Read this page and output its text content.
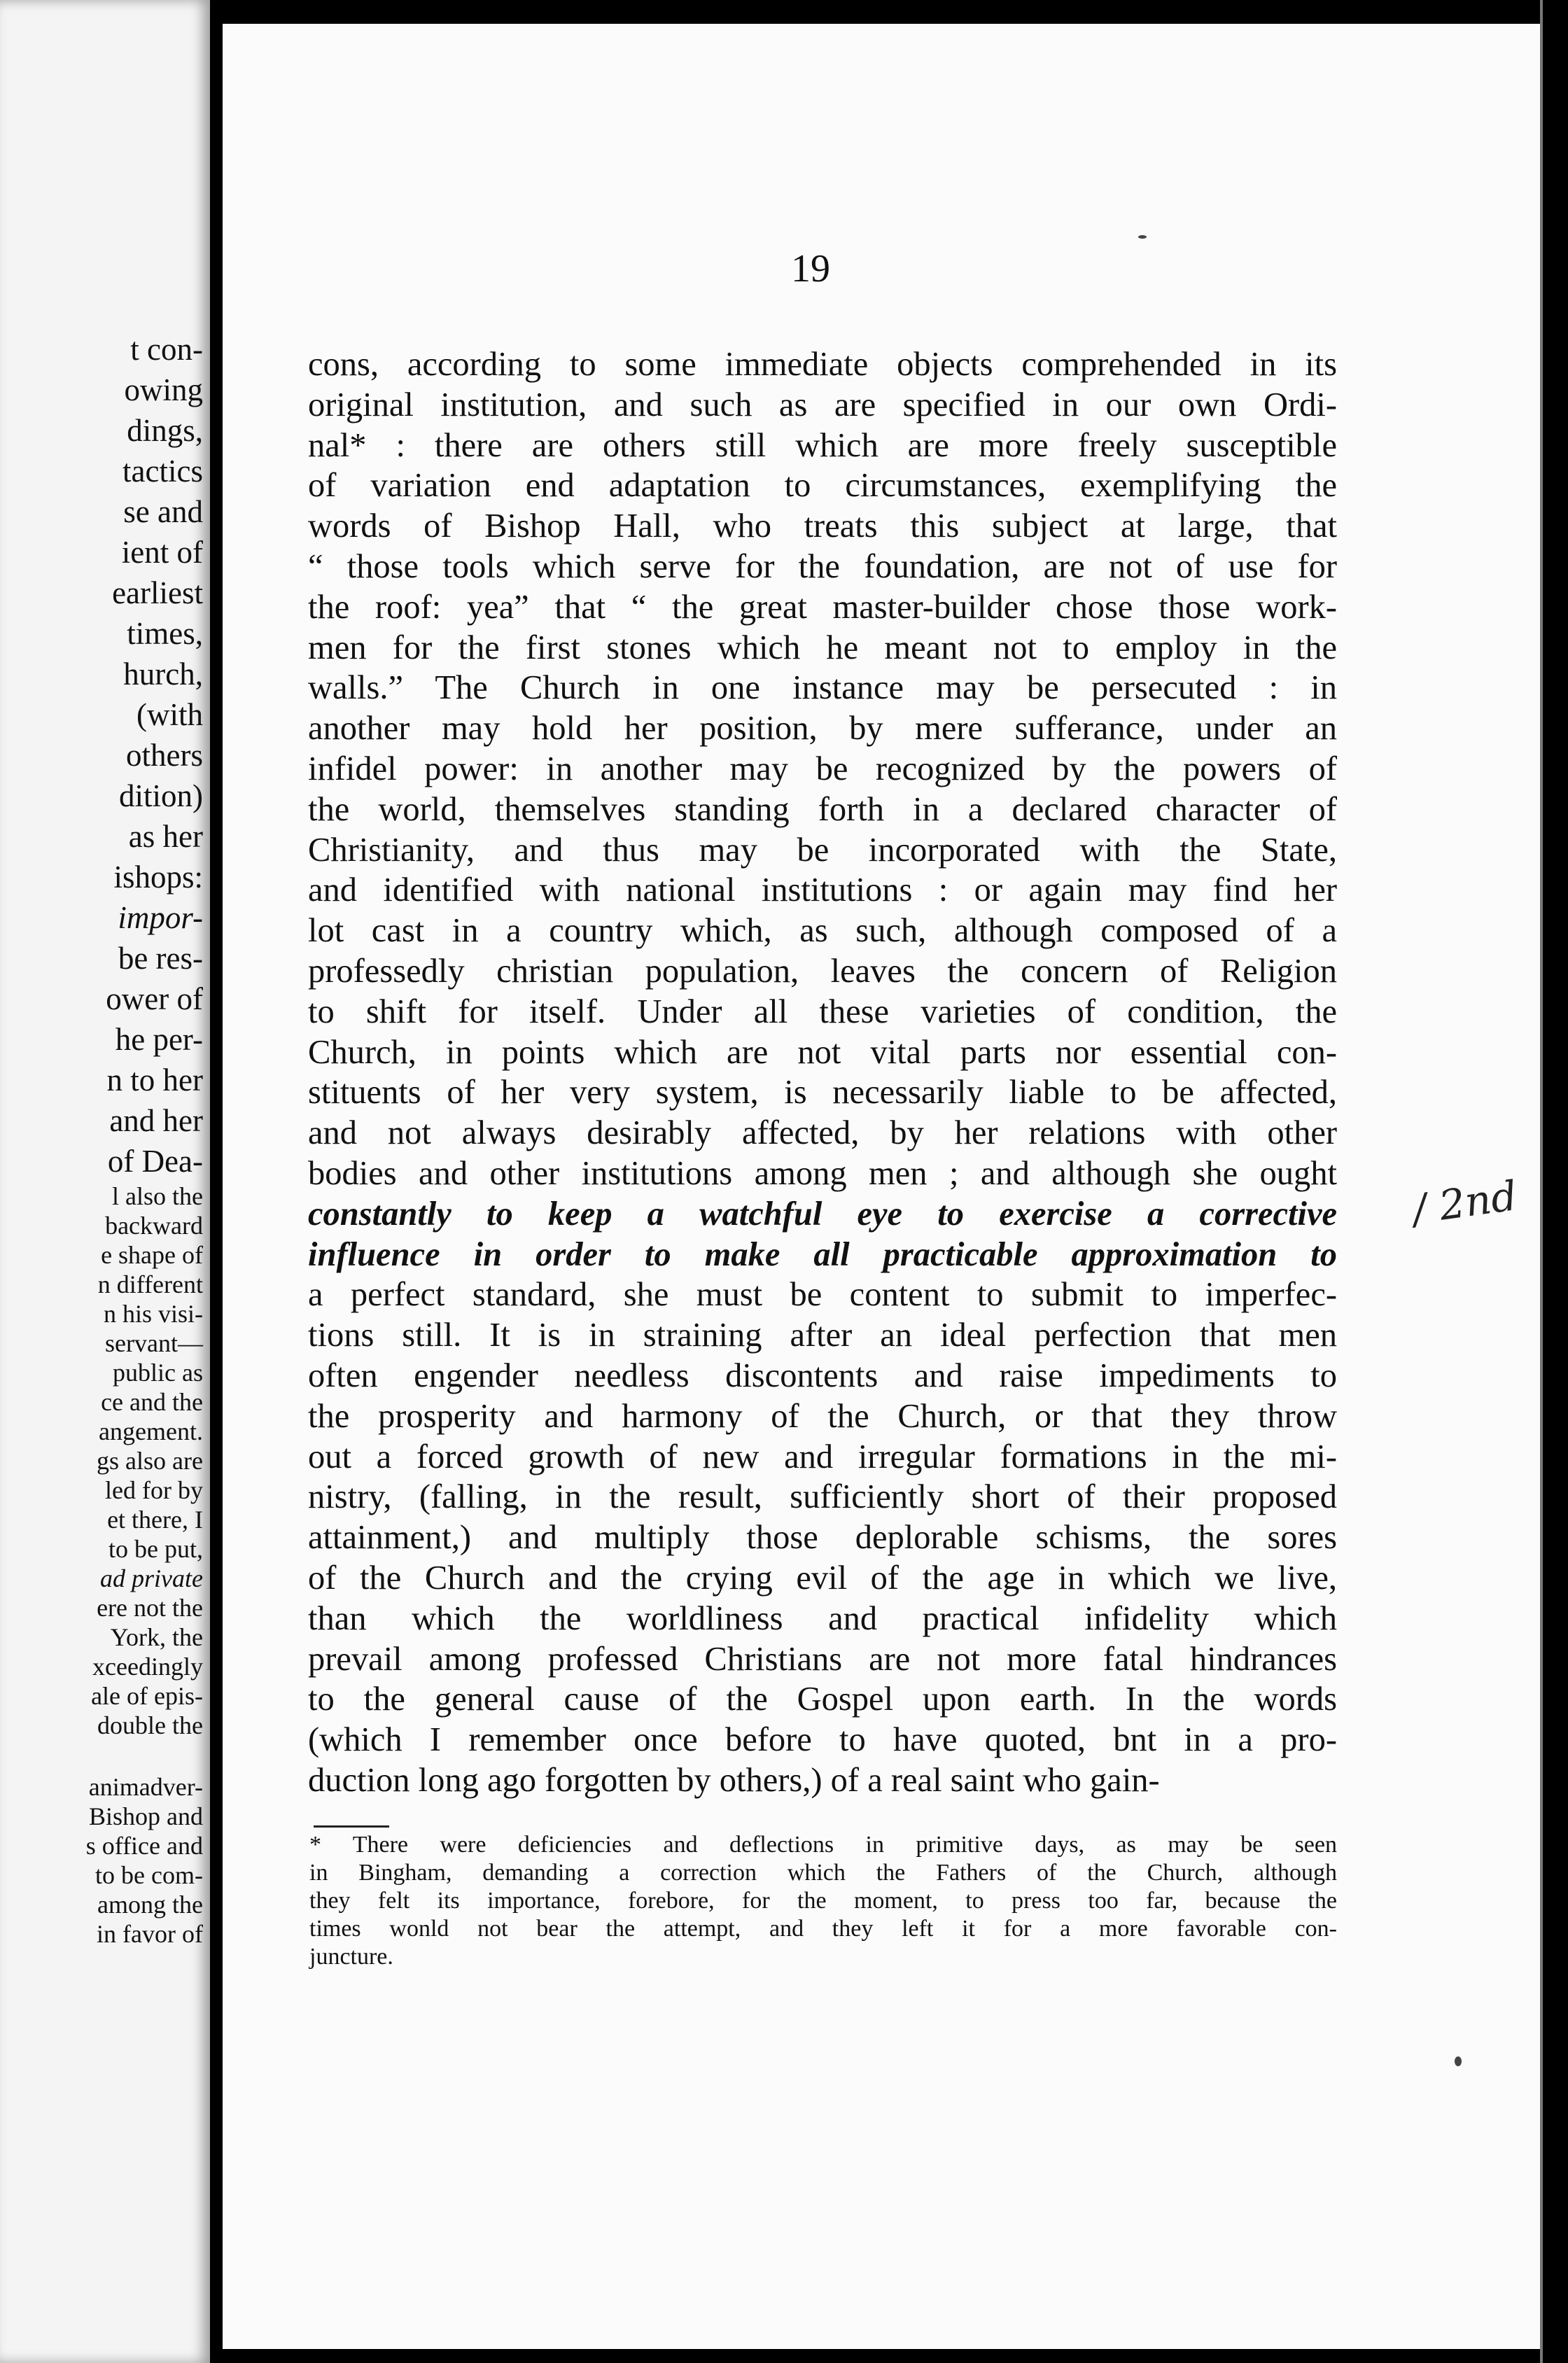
t con-
owing
dings,
tactics
se and
ient of
earliest
times,
hurch,
(with
others
dition)
as her
ishops:
impor-
be res-
ower of
he per-
n to her
and her
of Dea-
l also the
backward
e shape of
n different
n his visi-
servant—
public as
ce and the
angement.
gs also are
led for by
et there, I
to be put,
ad private
ere not the
York, the
xceedingly
ale of epis-
double the
animadver-
Bishop and
s office and
to be com-
among the
in favor of
19
cons, according to some immediate objects comprehended in its
original institution, and such as are specified in our own Ordi-
nal* : there are others still which are more freely susceptible
of variation end adaptation to circumstances, exemplifying the
words of Bishop Hall, who treats this subject at large, that
“ those tools which serve for the foundation, are not of use for
the roof: yea” that “ the great master-builder chose those work-
men for the first stones which he meant not to employ in the
walls.” The Church in one instance may be persecuted : in
another may hold her position, by mere sufferance, under an
infidel power: in another may be recognized by the powers of
the world, themselves standing forth in a declared character of
Christianity, and thus may be incorporated with the State,
and identified with national institutions : or again may find her
lot cast in a country which, as such, although composed of a
professedly christian population, leaves the concern of Religion
to shift for itself. Under all these varieties of condition, the
Church, in points which are not vital parts nor essential con-
stituents of her very system, is necessarily liable to be affected,
and not always desirably affected, by her relations with other
bodies and other institutions among men ; and although she ought
constantly to keep a watchful eye to exercise a corrective
influence in order to make all practicable approximation to
a perfect standard, she must be content to submit to imperfec-
tions still. It is in straining after an ideal perfection that men
often engender needless discontents and raise impediments to
the prosperity and harmony of the Church, or that they throw
out a forced growth of new and irregular formations in the mi-
nistry, (falling, in the result, sufficiently short of their proposed
attainment,) and multiply those deplorable schisms, the sores
of the Church and the crying evil of the age in which we live,
than which the worldliness and practical infidelity which
prevail among professed Christians are not more fatal hindrances
to the general cause of the Gospel upon earth. In the words
(which I remember once before to have quoted, bnt in a pro-
duction long ago forgotten by others,) of a real saint who gain-
* There were deficiencies and deflections in primitive days, as may be seen
in Bingham, demanding a correction which the Fathers of the Church, although
they felt its importance, forebore, for the moment, to press too far, because the
times wonld not bear the attempt, and they left it for a more favorable con-
juncture.
/ 2nd
